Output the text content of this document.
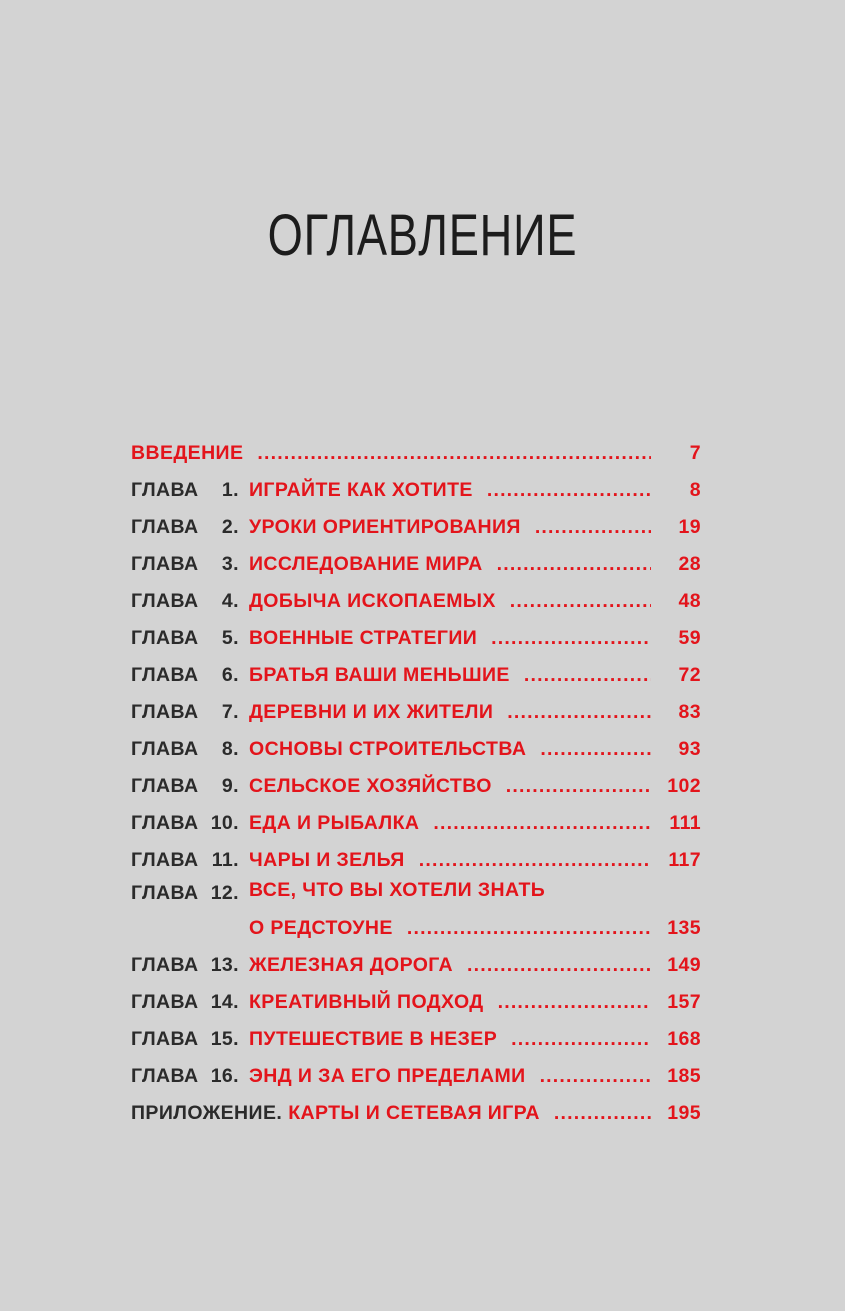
ОГЛАВЛЕНИЕ
ВВЕДЕНИЕ .....	7
ГЛАВА 1. ИГРАЙТЕ КАК ХОТИТЕ .....	8
ГЛАВА 2. УРОКИ ОРИЕНТИРОВАНИЯ .....	19
ГЛАВА 3. ИССЛЕДОВАНИЕ МИРА .....	28
ГЛАВА 4. ДОБЫЧА ИСКОПАЕМЫХ .....	48
ГЛАВА 5. ВОЕННЫЕ СТРАТЕГИИ .....	59
ГЛАВА 6. БРАТЬЯ ВАШИ МЕНЬШИЕ .....	72
ГЛАВА 7. ДЕРЕВНИ И ИХ ЖИТЕЛИ .....	83
ГЛАВА 8. ОСНОВЫ СТРОИТЕЛЬСТВА .....	93
ГЛАВА 9. СЕЛЬСКОЕ ХОЗЯЙСТВО .....	102
ГЛАВА 10. ЕДА И РЫБАЛКА .....	111
ГЛАВА 11. ЧАРЫ И ЗЕЛЬЯ .....	117
ГЛАВА 12. ВСЕ, ЧТО ВЫ ХОТЕЛИ ЗНАТЬ
О РЕДСТОУНЕ .....	135
ГЛАВА 13. ЖЕЛЕЗНАЯ ДОРОГА .....	149
ГЛАВА 14. КРЕАТИВНЫЙ ПОДХОД .....	157
ГЛАВА 15. ПУТЕШЕСТВИЕ В НЕЗЕР .....	168
ГЛАВА 16. ЭНД И ЗА ЕГО ПРЕДЕЛАМИ .....	185
ПРИЛОЖЕНИЕ. КАРТЫ И СЕТЕВАЯ ИГРА .....	195
